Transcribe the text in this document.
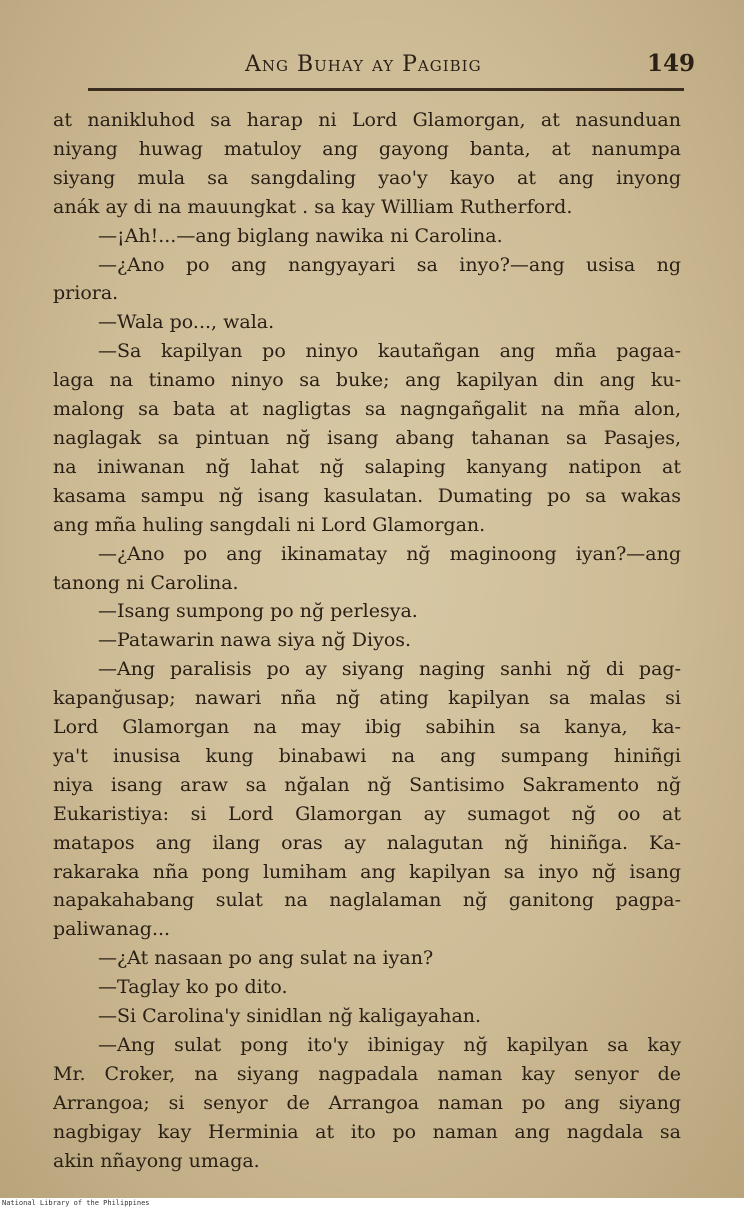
Ang Buhay ay Pagibig	149
at nanikluhod sa harap ni Lord Glamorgan, at nasunduan
niyang huwag matuloy ang gayong banta, at nanumpa
siyang mula sa sangdaling yao'y kayo at ang inyong
anák ay di na mauungkat . sa kay William Rutherford.
—¡Ah!...—ang biglang nawika ni Carolina.
—¿Ano po ang nangyayari sa inyo?—ang usisa ng
priora.
—Wala po..., wala.
—Sa kapilyan po ninyo kautañgan ang mña pagaa-
laga na tinamo ninyo sa buke; ang kapilyan din ang ku-
malong sa bata at nagligtas sa nagngañgalit na mña alon,
naglagak sa pintuan nğ isang abang tahanan sa Pasajes,
na iniwanan nğ lahat nğ salaping kanyang natipon at
kasama sampu nğ isang kasulatan. Dumating po sa wakas
ang mña huling sangdali ni Lord Glamorgan.
—¿Ano po ang ikinamatay nğ maginoong iyan?—ang
tanong ni Carolina.
—Isang sumpong po nğ perlesya.
—Patawarin nawa siya nğ Diyos.
—Ang paralisis po ay siyang naging sanhi nğ di pag-
kapanğusap; nawari nña nğ ating kapilyan sa malas si
Lord Glamorgan na may ibig sabihin sa kanya, ka-
ya't inusisa kung binabawi na ang sumpang hiniñgi
niya isang araw sa nğalan nğ Santisimo Sakramento nğ
Eukaristiya: si Lord Glamorgan ay sumagot nğ oo at
matapos ang ilang oras ay nalagutan nğ hiniñga. Ka-
rakaraka nña pong lumiham ang kapilyan sa inyo nğ isang
napakahabang sulat na naglalaman nğ ganitong pagpa-
paliwanag...
—¿At nasaan po ang sulat na iyan?
—Taglay ko po dito.
—Si Carolina'y sinidlan nğ kaligayahan.
—Ang sulat pong ito'y ibinigay nğ kapilyan sa kay
Mr. Croker, na siyang nagpadala naman kay senyor de
Arrangoa; si senyor de Arrangoa naman po ang siyang
nagbigay kay Herminia at ito po naman ang nagdala sa
akin nñayong umaga.
National Library of the Philippines
